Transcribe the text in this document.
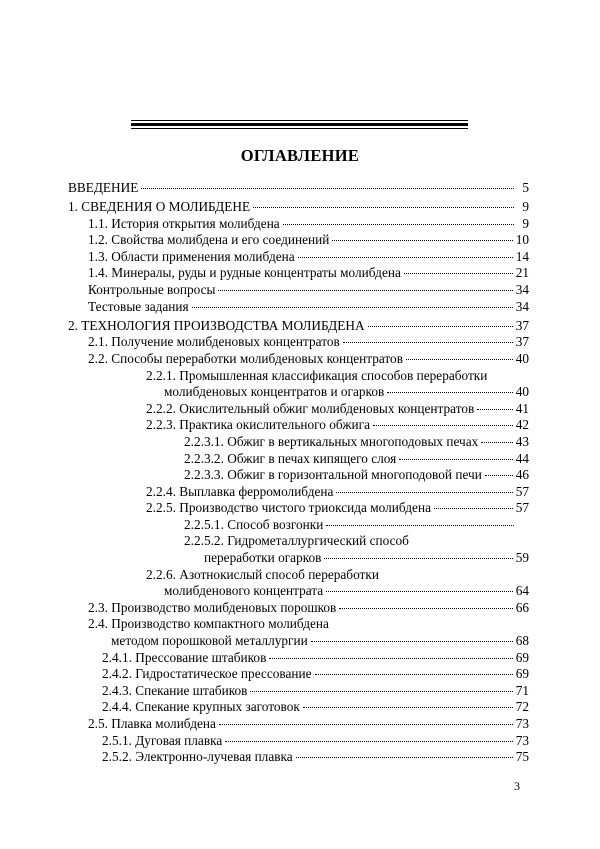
ОГЛАВЛЕНИЕ
ВВЕДЕНИЕ	5
1. СВЕДЕНИЯ О МОЛИБДЕНЕ	9
1.1. История открытия молибдена	9
1.2. Свойства молибдена и его соединений	10
1.3. Области применения молибдена	14
1.4. Минералы, руды и рудные концентраты молибдена	21
Контрольные вопросы	34
Тестовые задания	34
2. ТЕХНОЛОГИЯ ПРОИЗВОДСТВА МОЛИБДЕНА	37
2.1. Получение молибденовых концентратов	37
2.2. Способы переработки молибденовых концентратов	40
2.2.1. Промышленная классификация способов переработки
молибденовых концентратов и огарков	40
2.2.2. Окислительный обжиг молибденовых концентратов	41
2.2.3. Практика окислительного обжига	42
2.2.3.1. Обжиг в вертикальных многоподовых печах	43
2.2.3.2. Обжиг в печах кипящего слоя	44
2.2.3.3. Обжиг в горизонтальной многоподовой печи	46
2.2.4. Выплавка ферромолибдена	57
2.2.5. Производство чистого триоксида молибдена	57
2.2.5.1. Способ возгонки
2.2.5.2. Гидрометаллургический способ
переработки огарков	59
2.2.6. Азотнокислый способ переработки
молибденового концентрата	64
2.3. Производство молибденовых порошков	66
2.4. Производство компактного молибдена
методом порошковой металлургии	68
2.4.1. Прессование штабиков	69
2.4.2. Гидростатическое прессование	69
2.4.3. Спекание штабиков	71
2.4.4. Спекание крупных заготовок	72
2.5. Плавка молибдена	73
2.5.1. Дуговая плавка	73
2.5.2. Электронно-лучевая плавка	75
3
